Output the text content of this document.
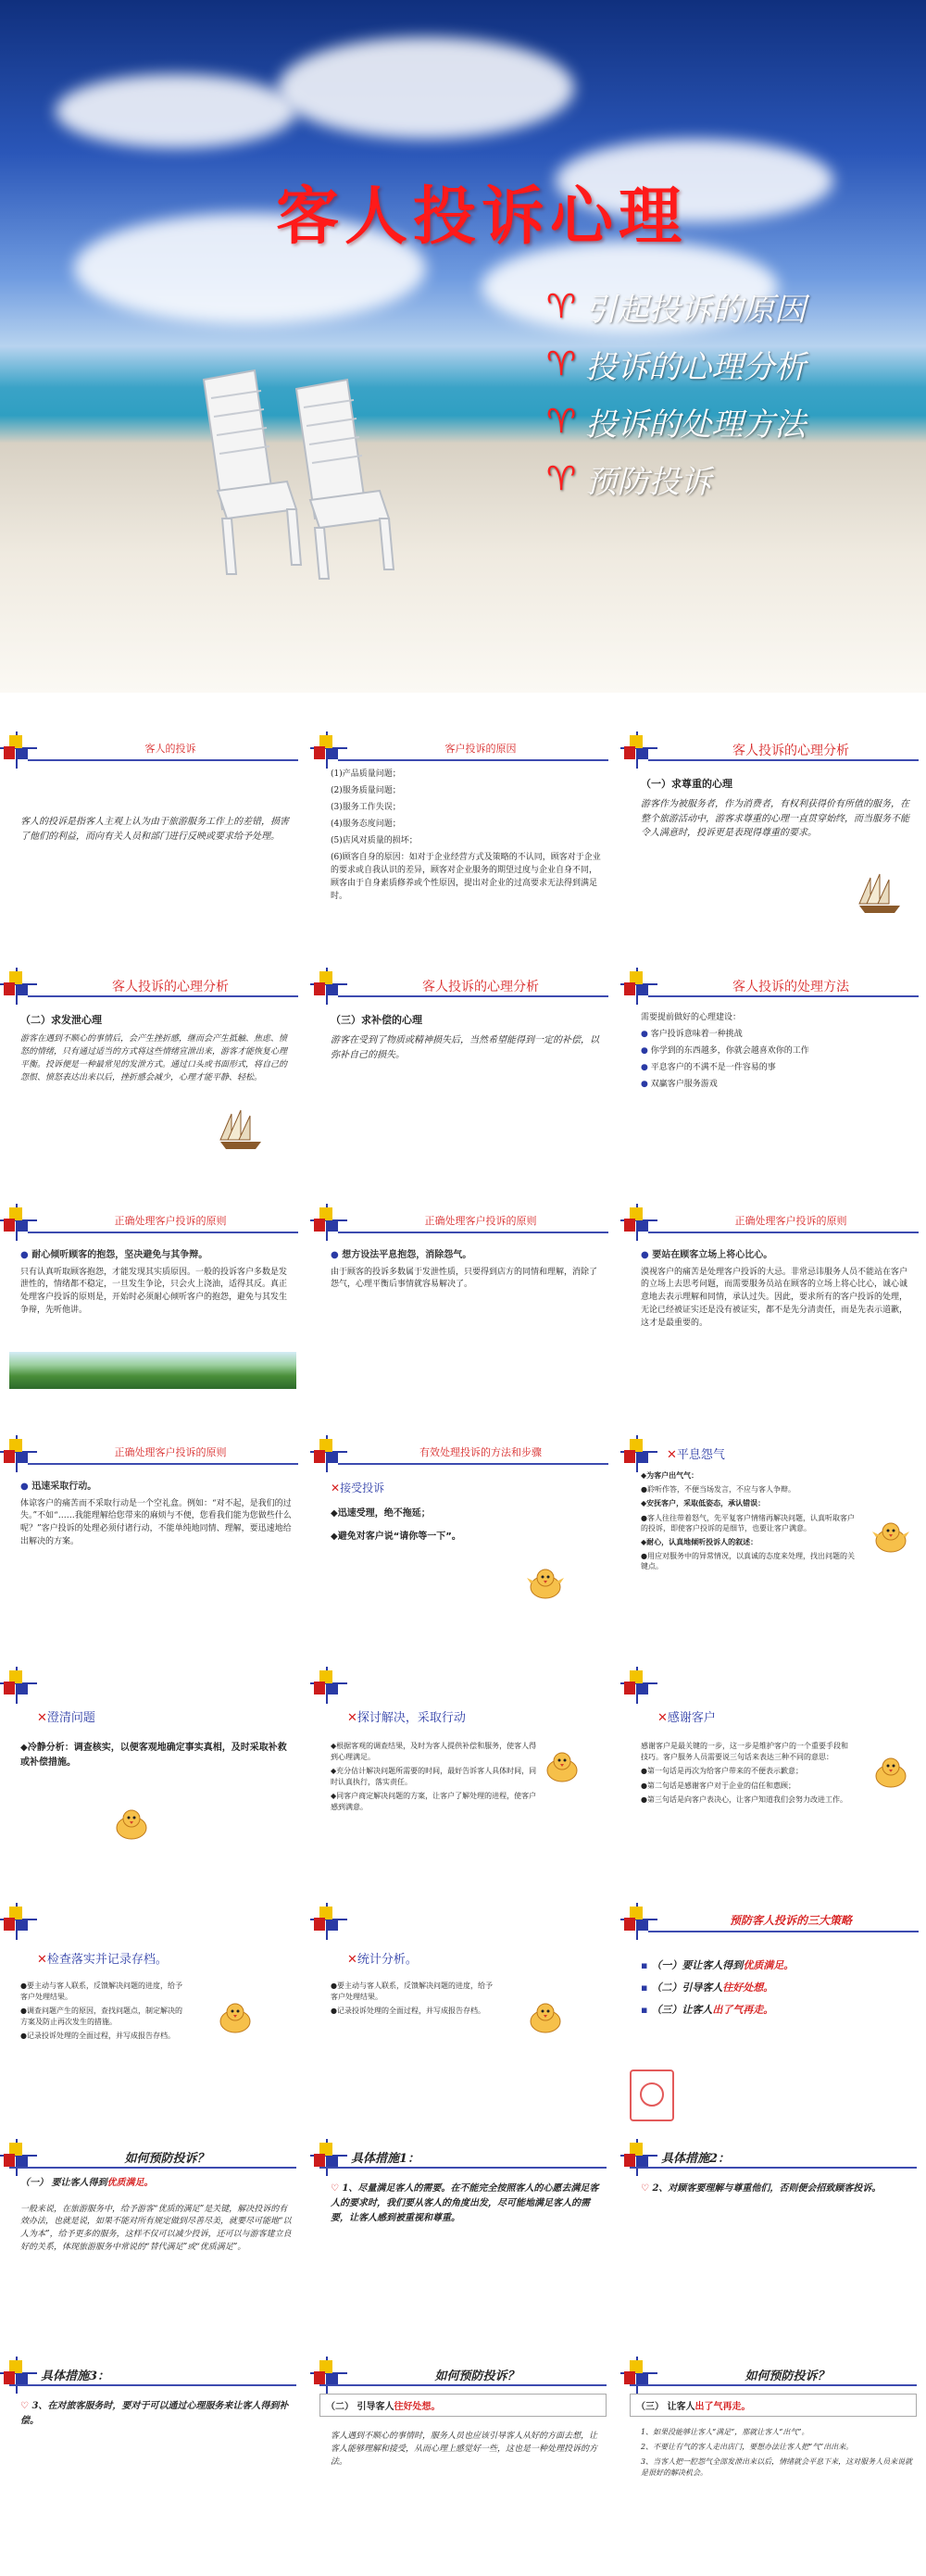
客人投诉心理
♈ 引起投诉的原因
♈ 投诉的心理分析
♈ 投诉的处理方法
♈ 预防投诉
客人的投诉
客人的投诉是指客人主观上认为由于旅游服务工作上的差错，损害了他们的利益，而向有关人员和部门进行反映或要求给予处理。
客户投诉的原因

(1)产品质量问题；

(2)服务质量问题；

(3)服务工作失误；

(4)服务态度问题；

(5)店风对质量的损坏；

(6)顾客自身的原因：如对于企业经营方式及策略的不认同，顾客对于企业的要求或自我认识的差异，顾客对企业服务的期望过度与企业自身不同，顾客由于自身素质修养或个性原因，提出对企业的过高要求无法得到满足时。

客人投诉的心理分析
（一）求尊重的心理

游客作为被服务者，作为消费者，有权利获得价有所值的服务，在整个旅游活动中，游客求尊重的心理一直贯穿始终，而当服务不能令人满意时，投诉更是表现得尊重的要求。

客人投诉的心理分析
（二）求发泄心理

游客在遇到不顺心的事情后，会产生挫折感，继而会产生抵触、焦虑、愤怒的情绪，只有通过适当的方式将这些情绪宣泄出来，游客才能恢复心理平衡。投诉便是一种最常见的发泄方式。通过口头或书面形式，将自己的怨恨、愤怒表达出来以后，挫折感会减少，心理才能平静、轻松。

客人投诉的心理分析
（三）求补偿的心理

游客在受到了物质或精神损失后，当然希望能得到一定的补偿，以弥补自己的损失。

客人投诉的处理方法

需要提前做好的心理建设：

● 客户投诉意味着一种挑战

● 你学到的东西越多，你就会越喜欢你的工作

● 平息客户的不满不是一件容易的事

● 双赢客户服务游戏

正确处理客户投诉的原则

● 耐心倾听顾客的抱怨，坚决避免与其争辩。

只有认真听取顾客抱怨，才能发现其实质原因。一般的投诉客户多数是发泄性的，情绪都不稳定，一旦发生争论，只会火上浇油，适得其反。真正处理客户投诉的原则是，开始时必须耐心倾听客户的抱怨，避免与其发生争辩，先听他讲。

正确处理客户投诉的原则

● 想方设法平息抱怨，消除怨气。

由于顾客的投诉多数属于发泄性质，只要得到店方的同情和理解，消除了怨气，心理平衡后事情就容易解决了。

正确处理客户投诉的原则

● 要站在顾客立场上将心比心。

漠视客户的痛苦是处理客户投诉的大忌。非常忌讳服务人员不能站在客户的立场上去思考问题，而需要服务员站在顾客的立场上将心比心，诚心诚意地去表示理解和同情，承认过失。因此，要求所有的客户投诉的处理，无论已经被证实还是没有被证实，都不是先分清责任，而是先表示道歉，这才是最重要的。

正确处理客户投诉的原则

● 迅速采取行动。

体谅客户的痛苦而不采取行动是一个空礼盒。例如：“对不起，是我们的过失。”不如“……我能理解给您带来的麻烦与不便，您看我们能为您做些什么呢？”客户投诉的处理必须付诸行动，不能单纯地同情、理解，要迅速地给出解决的方案。

有效处理投诉的方法和步骤

✕接受投诉

◆迅速受理，绝不拖延；

◆避免对客户说“请你等一下”。

✕平息怨气

◆为客户出气气：

●聆听作答，不便当场发言，不应与客人争辩。

◆安抚客户，采取低姿态，承认错误：

●客人往往带着怒气，先平复客户情绪再解决问题，认真听取客户的投诉，即使客户投诉的是细节，也要让客户满意。

◆耐心，认真地倾听投诉人的叙述：

●用应对服务中的异常情况，以真诚的态度来处理，找出问题的关键点。

✕澄清问题

◆冷静分析：调查核实，以便客观地确定事实真相，及时采取补救或补偿措施。

✕探讨解决，采取行动

◆根据客观的调查结果，及时为客人提供补偿和服务，使客人得到心理满足。

◆充分估计解决问题所需要的时间，最好告诉客人具体时间，同时认真执行，落实责任。

◆同客户商定解决问题的方案，让客户了解处理的进程，使客户感到满意。

✕感谢客户

感谢客户是最关键的一步，这一步是维护客户的一个重要手段和技巧。客户服务人员需要说三句话来表达三种不同的意思：

●第一句话是再次为给客户带来的不便表示歉意；

●第二句话是感谢客户对于企业的信任和惠顾；

●第三句话是向客户表决心，让客户知道我们会努力改进工作。

✕检查落实并记录存档。

●要主动与客人联系，反馈解决问题的进度，给予客户处理结果。

●调查问题产生的原因，查找问题点，制定解决的方案及防止再次发生的措施。

●记录投诉处理的全面过程，并写成报告存档。

✕统计分析。

●要主动与客人联系，反馈解决问题的进度，给予客户处理结果。

●记录投诉处理的全面过程，并写成报告存档。

预防客人投诉的三大策略
▪ （一）要让客人得到优质满足。
▪ （二）引导客人往好处想。
▪ （三）让客人出了气再走。
如何预防投诉？

（一） 要让客人得到优质满足。

一般来说，在旅游服务中，给予游客“优质的满足”是关键，解决投诉的有效办法，也就是说，如果不能对所有规定做到尽善尽美，就要尽可能地“以人为本”，给予更多的服务，这样不仅可以减少投诉，还可以与游客建立良好的关系，体现旅游服务中常说的“替代满足”或“优质满足”。

具体措施1：

♡ 1、尽量满足客人的需要。在不能完全按照客人的心愿去满足客人的要求时，我们要从客人的角度出发，尽可能地满足客人的需要，让客人感到被重视和尊重。

具体措施2：

♡ 2、对顾客要理解与尊重他们，否则便会招致顾客投诉。

具体措施3：

♡ 3、在对旅客服务时，要对于可以通过心理服务来让客人得到补偿。

如何预防投诉？
（二） 引导客人往好处想。

客人遇到不顺心的事情时，服务人员也应该引导客人从好的方面去想，让客人能够理解和接受，从而心理上感觉好一些，这也是一种处理投诉的方法。

如何预防投诉？
（三） 让客人出了气再走。

1、如果没能够让客人“满足”，那就让客人“出气”。

2、不要让有气的客人走出店门，要想办法让客人把“气”出出来。

3、当客人把一腔怨气全部发泄出来以后，情绪就会平息下来，这对服务人员来说就是很好的解决机会。
